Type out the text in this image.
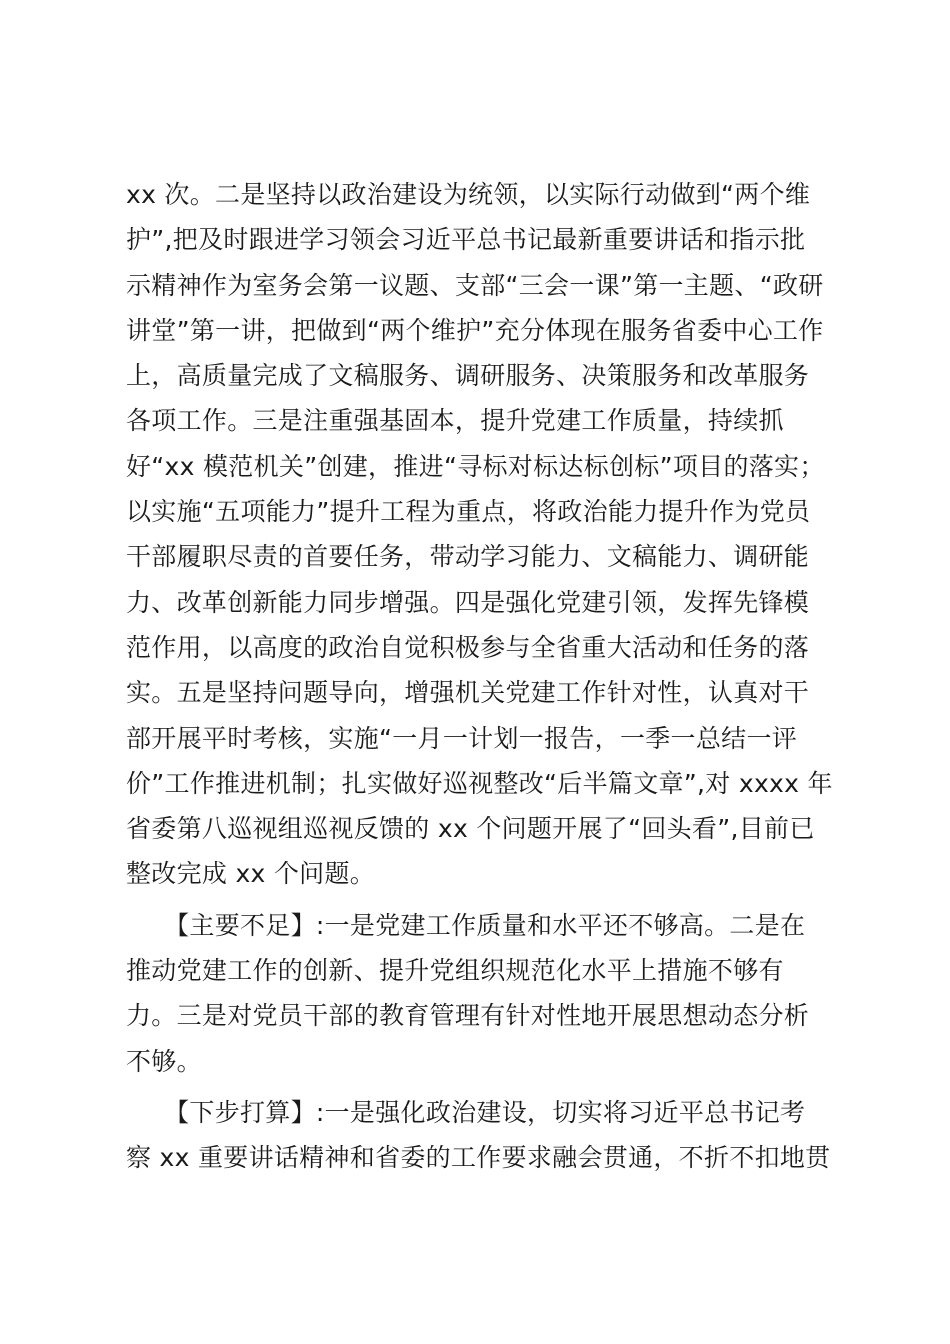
xx 次。二是坚持以政治建设为统领，以实际行动做到“两个维
护”,把及时跟进学习领会习近平总书记最新重要讲话和指示批
示精神作为室务会第一议题、支部“三会一课”第一主题、“政研
讲堂”第一讲，把做到“两个维护”充分体现在服务省委中心工作
上，高质量完成了文稿服务、调研服务、决策服务和改革服务
各项工作。三是注重强基固本，提升党建工作质量，持续抓
好“xx 模范机关”创建，推进“寻标对标达标创标”项目的落实；
以实施“五项能力”提升工程为重点，将政治能力提升作为党员
干部履职尽责的首要任务，带动学习能力、文稿能力、调研能
力、改革创新能力同步增强。四是强化党建引领，发挥先锋模
范作用，以高度的政治自觉积极参与全省重大活动和任务的落
实。五是坚持问题导向，增强机关党建工作针对性，认真对干
部开展平时考核，实施“一月一计划一报告，一季一总结一评
价”工作推进机制；扎实做好巡视整改“后半篇文章”,对 xxxx 年
省委第八巡视组巡视反馈的 xx 个问题开展了“回头看”,目前已
整改完成 xx 个问题。
　　【主要不足】:一是党建工作质量和水平还不够高。二是在
推动党建工作的创新、提升党组织规范化水平上措施不够有
力。三是对党员干部的教育管理有针对性地开展思想动态分析
不够。
　　【下步打算】:一是强化政治建设，切实将习近平总书记考
察 xx 重要讲话精神和省委的工作要求融会贯通，不折不扣地贯
